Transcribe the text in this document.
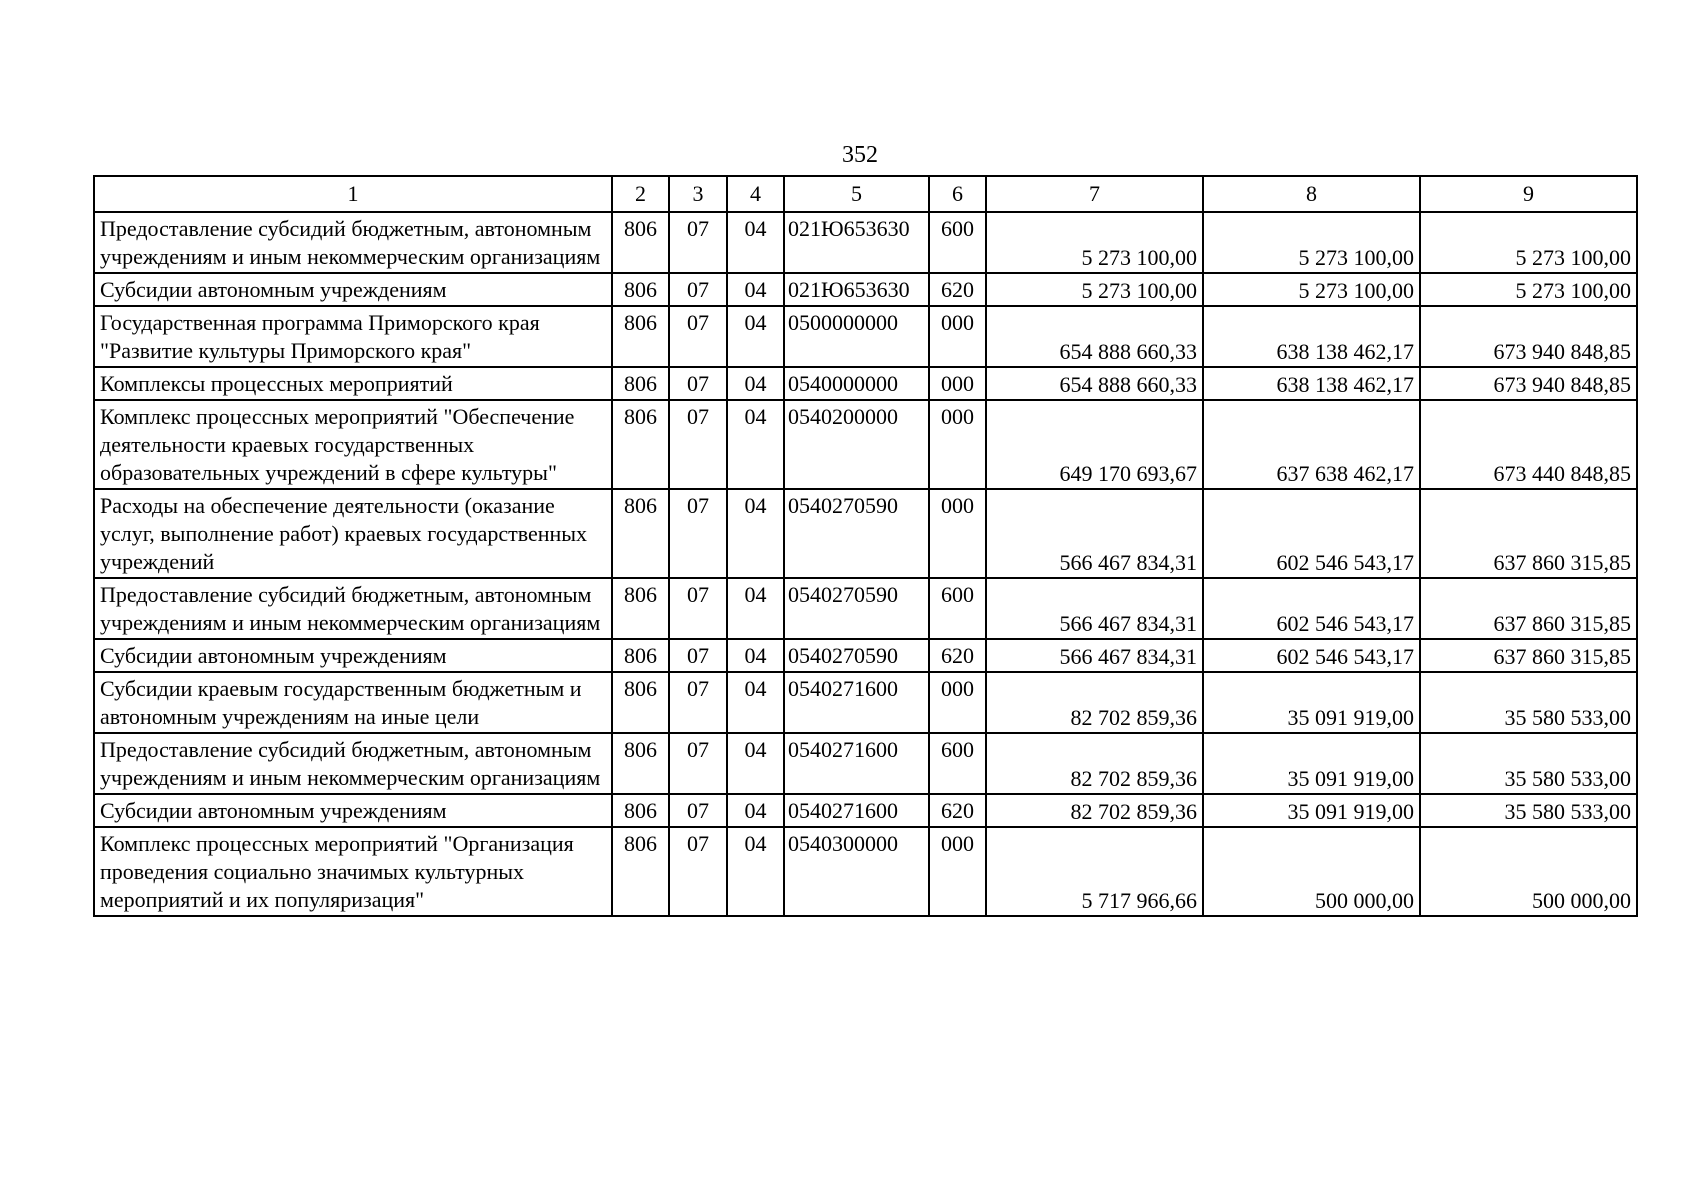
352
1	2	3	4	5	6	7	8	9
Предоставление субсидий бюджетным, автономным учреждениям и иным некоммерческим организациям	806	07	04	021Ю653630	600	5 273 100,00	5 273 100,00	5 273 100,00
Субсидии автономным учреждениям	806	07	04	021Ю653630	620	5 273 100,00	5 273 100,00	5 273 100,00
Государственная программа Приморского края "Развитие культуры Приморского края"	806	07	04	0500000000	000	654 888 660,33	638 138 462,17	673 940 848,85
Комплексы процессных мероприятий	806	07	04	0540000000	000	654 888 660,33	638 138 462,17	673 940 848,85
Комплекс процессных мероприятий "Обеспечение деятельности краевых государственных образовательных учреждений в сфере культуры"	806	07	04	0540200000	000	649 170 693,67	637 638 462,17	673 440 848,85
Расходы на обеспечение деятельности (оказание услуг, выполнение работ) краевых государственных учреждений	806	07	04	0540270590	000	566 467 834,31	602 546 543,17	637 860 315,85
Предоставление субсидий бюджетным, автономным учреждениям и иным некоммерческим организациям	806	07	04	0540270590	600	566 467 834,31	602 546 543,17	637 860 315,85
Субсидии автономным учреждениям	806	07	04	0540270590	620	566 467 834,31	602 546 543,17	637 860 315,85
Субсидии краевым государственным бюджетным и автономным учреждениям на иные цели	806	07	04	0540271600	000	82 702 859,36	35 091 919,00	35 580 533,00
Предоставление субсидий бюджетным, автономным учреждениям и иным некоммерческим организациям	806	07	04	0540271600	600	82 702 859,36	35 091 919,00	35 580 533,00
Субсидии автономным учреждениям	806	07	04	0540271600	620	82 702 859,36	35 091 919,00	35 580 533,00
Комплекс процессных мероприятий "Организация проведения социально значимых культурных мероприятий и их популяризация"	806	07	04	0540300000	000	5 717 966,66	500 000,00	500 000,00
